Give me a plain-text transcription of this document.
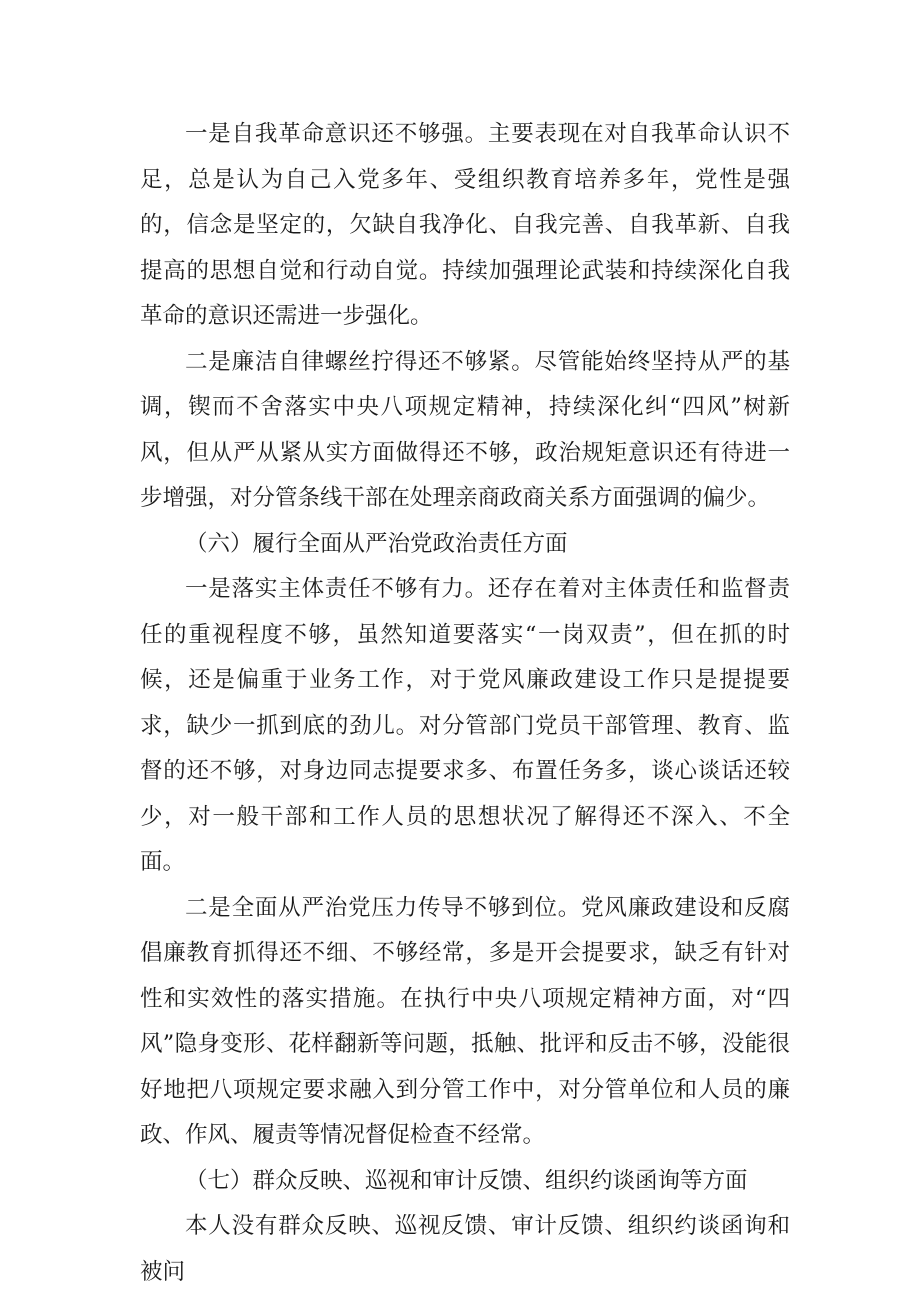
一是自我革命意识还不够强。主要表现在对自我革命认识不足，总是认为自己入党多年、受组织教育培养多年，党性是强的，信念是坚定的，欠缺自我净化、自我完善、自我革新、自我提高的思想自觉和行动自觉。持续加强理论武装和持续深化自我革命的意识还需进一步强化。

二是廉洁自律螺丝拧得还不够紧。尽管能始终坚持从严的基调，锲而不舍落实中央八项规定精神，持续深化纠“四风”树新风，但从严从紧从实方面做得还不够，政治规矩意识还有待进一步增强，对分管条线干部在处理亲商政商关系方面强调的偏少。

（六）履行全面从严治党政治责任方面

一是落实主体责任不够有力。还存在着对主体责任和监督责任的重视程度不够，虽然知道要落实“一岗双责”，但在抓的时候，还是偏重于业务工作，对于党风廉政建设工作只是提提要求，缺少一抓到底的劲儿。对分管部门党员干部管理、教育、监督的还不够，对身边同志提要求多、布置任务多，谈心谈话还较少，对一般干部和工作人员的思想状况了解得还不深入、不全面。

二是全面从严治党压力传导不够到位。党风廉政建设和反腐倡廉教育抓得还不细、不够经常，多是开会提要求，缺乏有针对性和实效性的落实措施。在执行中央八项规定精神方面，对“四风”隐身变形、花样翻新等问题，抵触、批评和反击不够，没能很好地把八项规定要求融入到分管工作中，对分管单位和人员的廉政、作风、履责等情况督促检查不经常。

（七）群众反映、巡视和审计反馈、组织约谈函询等方面

本人没有群众反映、巡视反馈、审计反馈、组织约谈函询和被问
